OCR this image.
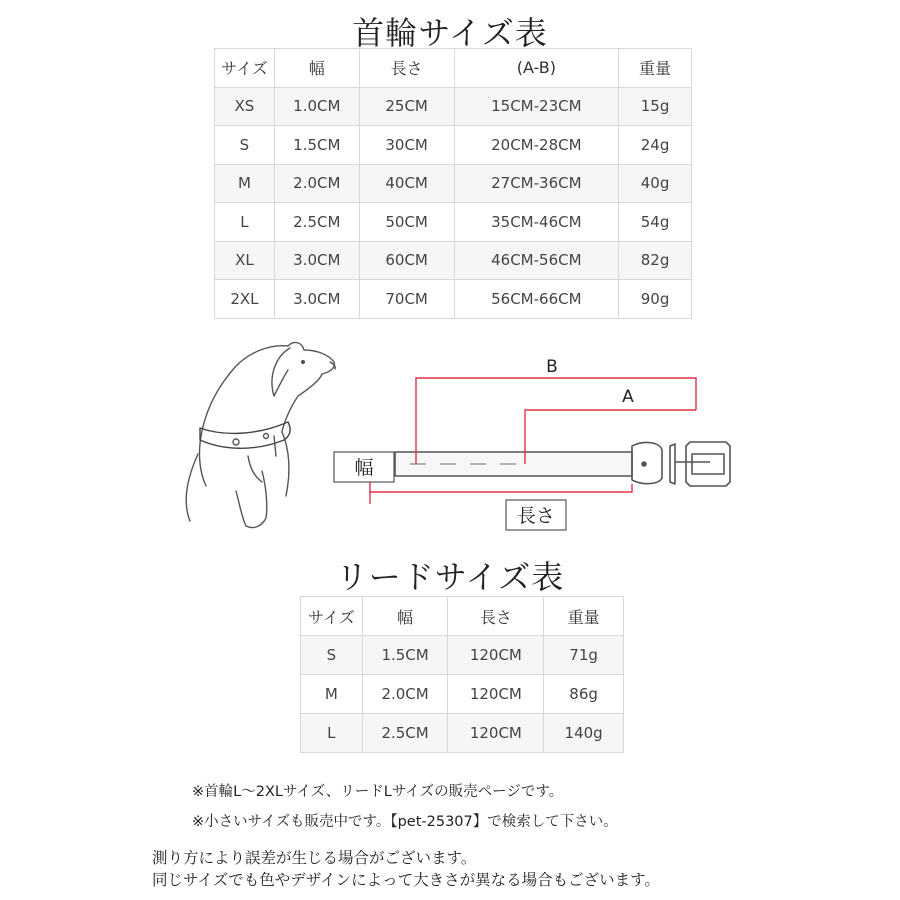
首輪サイズ表
サイズ	幅	長さ	(A-B)	重量
XS	1.0CM	25CM	15CM-23CM	15g
S	1.5CM	30CM	20CM-28CM	24g
M	2.0CM	40CM	27CM-36CM	40g
L	2.5CM	50CM	35CM-46CM	54g
XL	3.0CM	60CM	46CM-56CM	82g
2XL	3.0CM	70CM	56CM-66CM	90g
B
A
幅
長さ
リードサイズ表
サイズ	幅	長さ	重量
S	1.5CM	120CM	71g
M	2.0CM	120CM	86g
L	2.5CM	120CM	140g
※首輪L～2XLサイズ、リードLサイズの販売ページです。
※小さいサイズも販売中です。【pet-25307】で検索して下さい。
測り方により誤差が生じる場合がございます。
同じサイズでも色やデザインによって大きさが異なる場合もございます。
